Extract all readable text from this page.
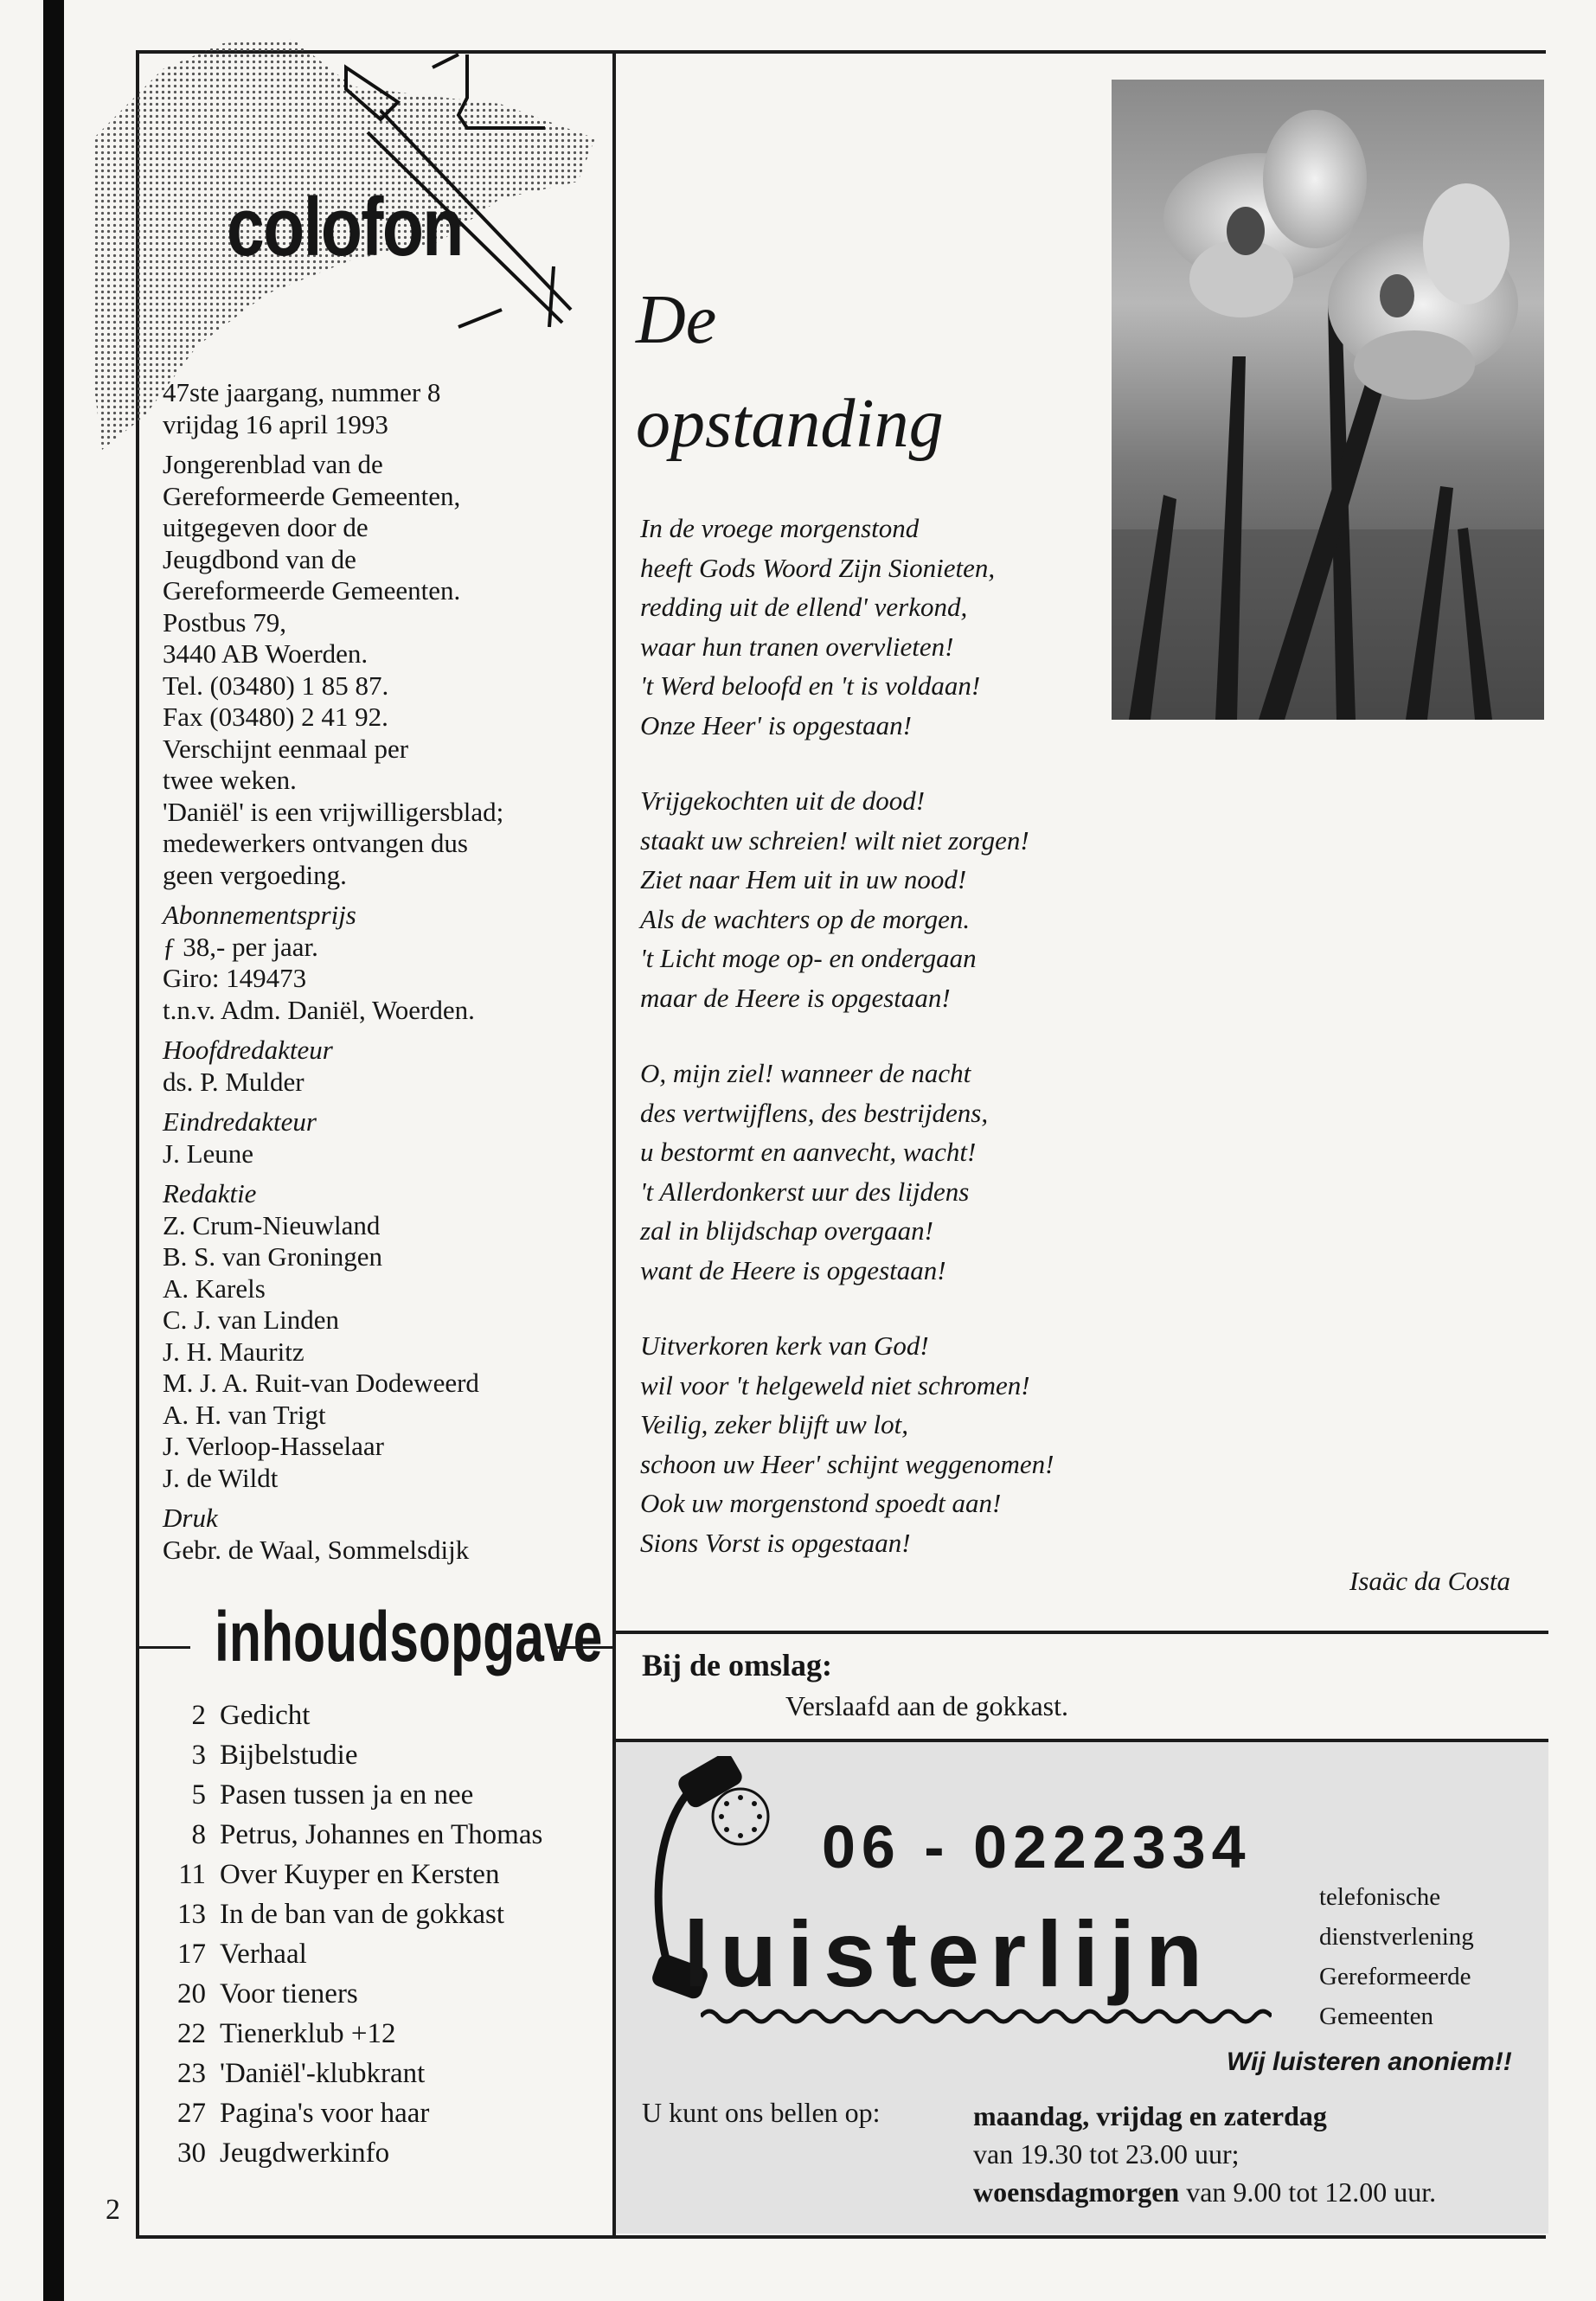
2
colofon

47ste jaargang, nummer 8

vrijdag 16 april 1993

Jongerenblad van de

Gereformeerde Gemeenten,

uitgegeven door de

Jeugdbond van de

Gereformeerde Gemeenten.

Postbus 79,

3440 AB Woerden.

Tel. (03480) 1 85 87.

Fax (03480) 2 41 92.

Verschijnt eenmaal per

twee weken.

'Daniël' is een vrijwilligersblad;

medewerkers ontvangen dus

geen vergoeding.

Abonnementsprijs

ƒ 38,- per jaar.

Giro: 149473

t.n.v. Adm. Daniël, Woerden.

Hoofdredakteur

ds. P. Mulder

Eindredakteur

J. Leune

Redaktie

Z. Crum-Nieuwland

B. S. van Groningen

A. Karels

C. J. van Linden

J. H. Mauritz

M. J. A. Ruit-van Dodeweerd

A. H. van Trigt

J. Verloop-Hasselaar

J. de Wildt

Druk

Gebr. de Waal, Sommelsdijk

inhoudsopgave
2 Gedicht
3 Bijbelstudie
5 Pasen tussen ja en nee
8 Petrus, Johannes en Thomas
11 Over Kuyper en Kersten
13 In de ban van de gokkast
17 Verhaal
20 Voor tieners
22 Tienerklub +12
23 'Daniël'-klubkrant
27 Pagina's voor haar
30 Jeugdwerkinfo
De
opstanding
In de vroege morgenstond
heeft Gods Woord Zijn Sionieten,
redding uit de ellend' verkond,
waar hun tranen overvlieten!
't Werd beloofd en 't is voldaan!
Onze Heer' is opgestaan!
Vrijgekochten uit de dood!
staakt uw schreien! wilt niet zorgen!
Ziet naar Hem uit in uw nood!
Als de wachters op de morgen.
't Licht moge op- en ondergaan
maar de Heere is opgestaan!
O, mijn ziel! wanneer de nacht
des vertwijflens, des bestrijdens,
u bestormt en aanvecht, wacht!
't Allerdonkerst uur des lijdens
zal in blijdschap overgaan!
want de Heere is opgestaan!
Uitverkoren kerk van God!
wil voor 't helgeweld niet schromen!
Veilig, zeker blijft uw lot,
schoon uw Heer' schijnt weggenomen!
Ook uw morgenstond spoedt aan!
Sions Vorst is opgestaan!
Isaäc da Costa
Bij de omslag:
Verslaafd aan de gokkast.
06 - 0222334
luisterlijn

telefonische

dienstverlening

Gereformeerde

Gemeenten

Wij luisteren anoniem!!
U kunt ons bellen op:	maandag, vrijdag en zaterdag

van 19.30 tot 23.00 uur;

woensdagmorgen van 9.00 tot 12.00 uur.
